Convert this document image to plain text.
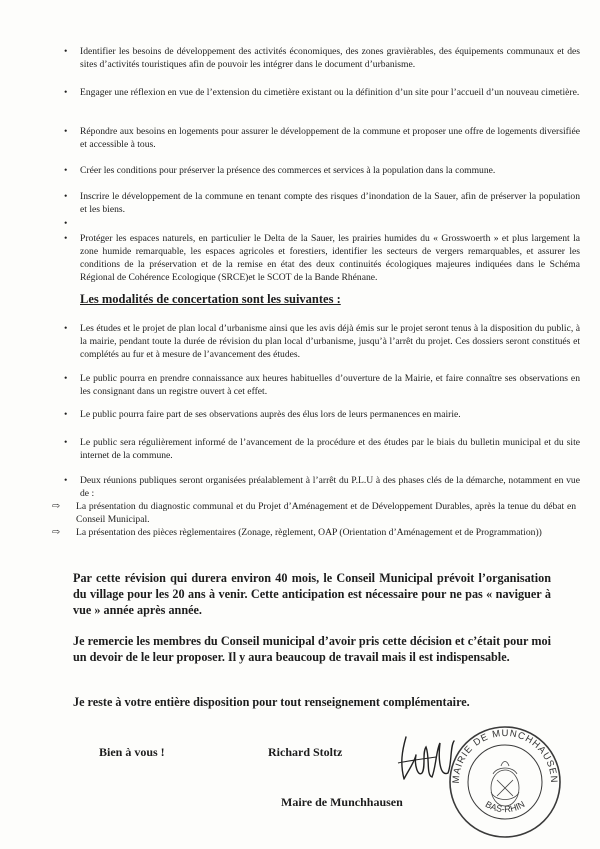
• Identifier les besoins de développement des activités économiques, des zones gravièrables, des équipements communaux et des sites d’activités touristiques afin de pouvoir les intégrer dans le document d’urbanisme.
• Engager une réflexion en vue de l’extension du cimetière existant ou la définition d’un site pour l’accueil d’un nouveau cimetière.
• Répondre aux besoins en logements pour assurer le développement de la commune et proposer une offre de logements diversifiée et accessible à tous.
• Créer les conditions pour préserver la présence des commerces et services à la population dans la commune.
• Inscrire le développement de la commune en tenant compte des risques d’inondation de la Sauer, afin de préserver la population et les biens.
•
• Protéger les espaces naturels, en particulier le Delta de la Sauer, les prairies humides du « Grosswoerth » et plus largement la zone humide remarquable, les espaces agricoles et forestiers, identifier les secteurs de vergers remarquables, et assurer les conditions de la préservation et de la remise en état des deux continuités écologiques majeures indiquées dans le Schéma Régional de Cohérence Ecologique (SRCE)et le SCOT de la Bande Rhénane.
Les modalités de concertation sont les suivantes :
• Les études et le projet de plan local d’urbanisme ainsi que les avis déjà émis sur le projet seront tenus à la disposition du public, à la mairie, pendant toute la durée de révision du plan local d’urbanisme, jusqu’à l’arrêt du projet. Ces dossiers seront constitués et complétés au fur et à mesure de l’avancement des études.
• Le public pourra en prendre connaissance aux heures habituelles d’ouverture de la Mairie, et faire connaître ses observations en les consignant dans un registre ouvert à cet effet.
• Le public pourra faire part de ses observations auprès des élus lors de leurs permanences en mairie.
• Le public sera régulièrement informé de l’avancement de la procédure et des études par le biais du bulletin municipal et du site internet de la commune.
• Deux réunions publiques seront organisées préalablement à l’arrêt du P.L.U à des phases clés de la démarche, notamment en vue de :
⇨ La présentation du diagnostic communal et du Projet d’Aménagement et de Développement Durables, après la tenue du débat en Conseil Municipal.
⇨ La présentation des pièces règlementaires (Zonage, règlement, OAP (Orientation d’Aménagement et de Programmation))
Par cette révision qui durera environ 40 mois, le Conseil Municipal prévoit l’organisation du village pour les 20 ans à venir. Cette anticipation est nécessaire pour ne pas « naviguer à vue » année après année.
Je remercie les membres du Conseil municipal d’avoir pris cette décision et c’était pour moi un devoir de le leur proposer. Il y aura beaucoup de travail mais il est indispensable.
Je reste à votre entière disposition pour tout renseignement complémentaire.
Bien à vous !	Richard Stoltz
Maire de Munchhausen
MAIRIE DE MUNCHHAUSEN
BAS-RHIN
